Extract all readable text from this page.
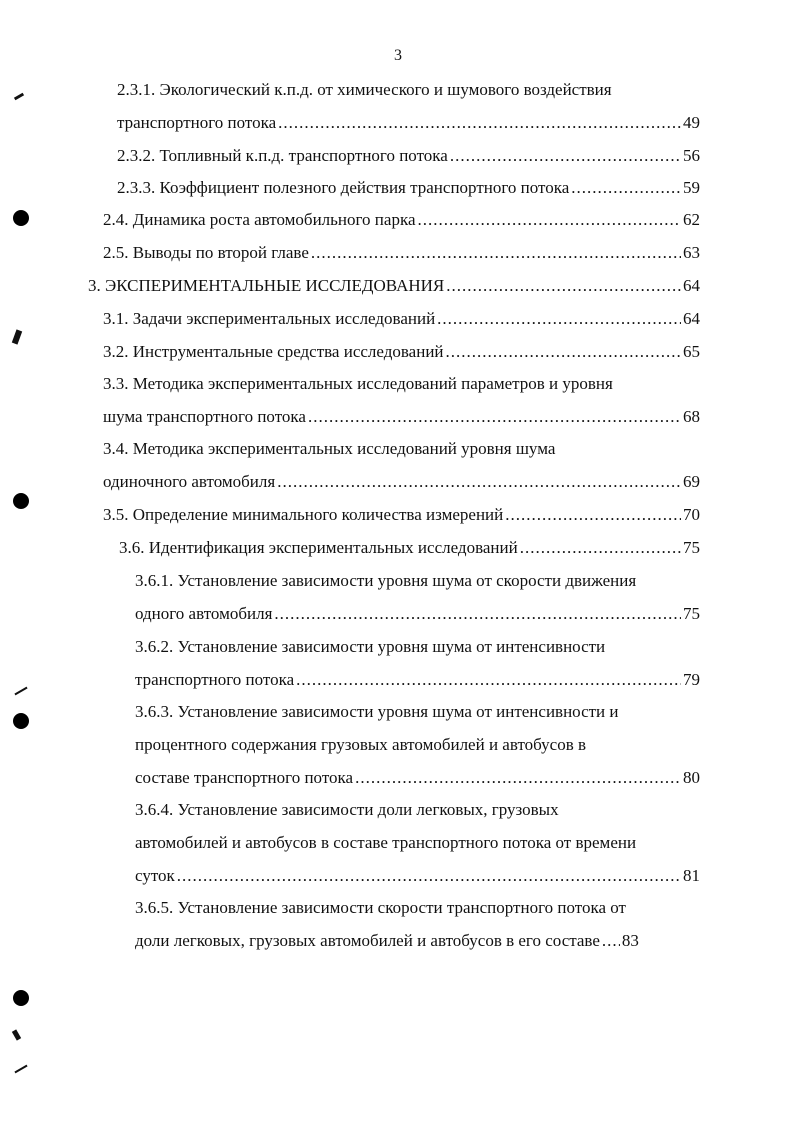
3
2.3.1. Экологический к.п.д. от химического и шумового воздействия
транспортного потока .....	49
2.3.2. Топливный к.п.д. транспортного потока .....	56
2.3.3. Коэффициент полезного действия транспортного потока .....	59
2.4. Динамика роста автомобильного парка .....	62
2.5. Выводы по второй главе .....	63
3. ЭКСПЕРИМЕНТАЛЬНЫЕ ИССЛЕДОВАНИЯ .....	64
3.1. Задачи экспериментальных исследований .....	64
3.2. Инструментальные средства исследований .....	65
3.3. Методика экспериментальных исследований параметров и уровня
шума транспортного потока .....	68
3.4. Методика экспериментальных исследований уровня шума
одиночного автомобиля .....	69
3.5. Определение минимального количества измерений .....	70
3.6. Идентификация экспериментальных исследований .....	75
3.6.1. Установление зависимости уровня шума от скорости движения
одного автомобиля .....	75
3.6.2. Установление зависимости уровня шума от интенсивности
транспортного потока .....	79
3.6.3. Установление зависимости уровня шума от интенсивности и
процентного содержания грузовых автомобилей и автобусов в
составе транспортного потока .....	80
3.6.4. Установление зависимости доли легковых, грузовых
автомобилей и автобусов в составе транспортного потока от времени
суток .....	81
3.6.5. Установление зависимости скорости транспортного потока от
доли легковых, грузовых автомобилей и автобусов в его составе ..... 83
